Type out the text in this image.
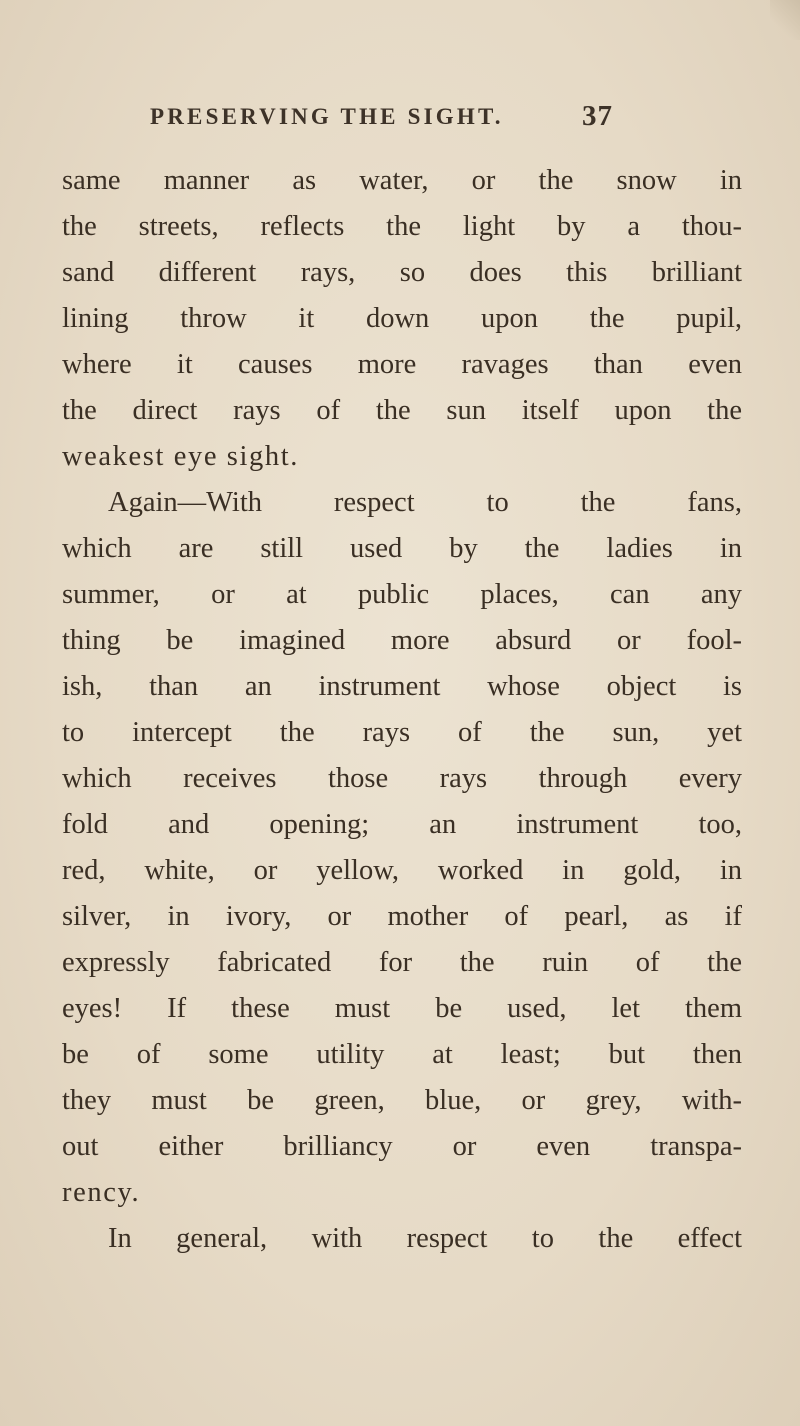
PRESERVING THE SIGHT.	37
same manner as water, or the snow in
the streets, reflects the light by a thou-
sand different rays, so does this brilliant
lining throw it down upon the pupil,
where it causes more ravages than even
the direct rays of the sun itself upon the
weakest eye sight.
Again—With respect to the fans,
which are still used by the ladies in
summer, or at public places, can any
thing be imagined more absurd or fool-
ish, than an instrument whose object is
to intercept the rays of the sun, yet
which receives those rays through every
fold and opening; an instrument too,
red, white, or yellow, worked in gold, in
silver, in ivory, or mother of pearl, as if
expressly fabricated for the ruin of the
eyes! If these must be used, let them
be of some utility at least; but then
they must be green, blue, or grey, with-
out either brilliancy or even transpa-
rency.
In general, with respect to the effect
